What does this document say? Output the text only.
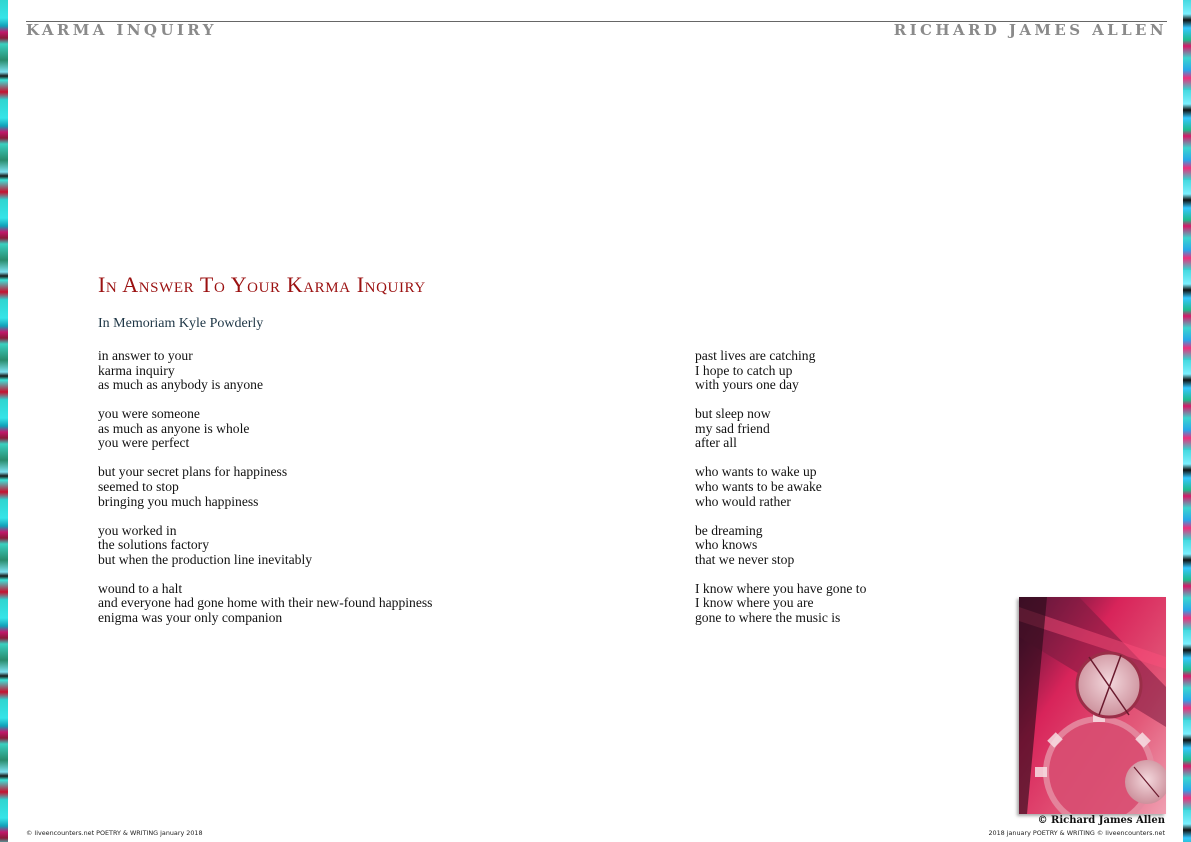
KARMA INQUIRY	RICHARD JAMES ALLEN
In Answer To Your Karma Inquiry
In Memoriam Kyle Powderly
in answer to your
karma inquiry
as much as anybody is anyone
you were someone
as much as anyone is whole
you were perfect
but your secret plans for happiness
seemed to stop
bringing you much happiness
you worked in
the solutions factory
but when the production line inevitably
wound to a halt
and everyone had gone home with their new-found happiness
enigma was your only companion
past lives are catching
I hope to catch up
with yours one day
but sleep now
my sad friend
after all
who wants to wake up
who wants to be awake
who would rather
be dreaming
who knows
that we never stop
I know where you have gone to
I know where you are
gone to where the music is
© Richard James Allen
© liveencounters.net POETRY & WRITING january 2018	2018 january POETRY & WRITING © liveencounters.net
